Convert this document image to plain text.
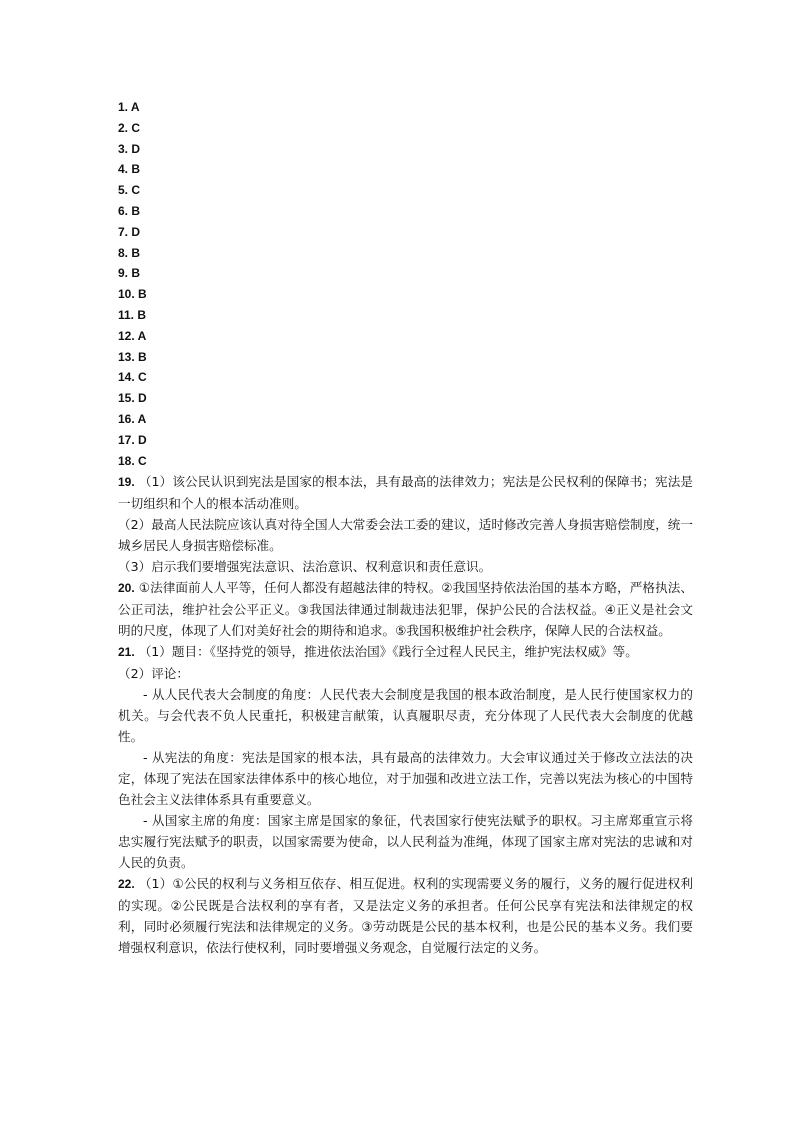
1. A
2. C
3. D
4. B
5. C
6. B
7. D
8. B
9. B
10. B
11. B
12. A
13. B
14. C
15. D
16. A
17. D
18. C

19. （1）该公民认识到宪法是国家的根本法，具有最高的法律效力；宪法是公民权利的保障书；宪法是一切组织和个人的根本活动准则。

（2）最高人民法院应该认真对待全国人大常委会法工委的建议，适时修改完善人身损害赔偿制度，统一城乡居民人身损害赔偿标准。

（3）启示我们要增强宪法意识、法治意识、权利意识和责任意识。

20. ①法律面前人人平等，任何人都没有超越法律的特权。②我国坚持依法治国的基本方略，严格执法、公正司法，维护社会公平正义。③我国法律通过制裁违法犯罪，保护公民的合法权益。④正义是社会文明的尺度，体现了人们对美好社会的期待和追求。⑤我国积极维护社会秩序，保障人民的合法权益。

21. （1）题目：《坚持党的领导，推进依法治国》《践行全过程人民民主，维护宪法权威》等。

（2）评论：

- 从人民代表大会制度的角度：人民代表大会制度是我国的根本政治制度，是人民行使国家权力的机关。与会代表不负人民重托，积极建言献策，认真履职尽责，充分体现了人民代表大会制度的优越性。

- 从宪法的角度：宪法是国家的根本法，具有最高的法律效力。大会审议通过关于修改立法法的决定，体现了宪法在国家法律体系中的核心地位，对于加强和改进立法工作，完善以宪法为核心的中国特色社会主义法律体系具有重要意义。

- 从国家主席的角度：国家主席是国家的象征，代表国家行使宪法赋予的职权。习主席郑重宣示将忠实履行宪法赋予的职责，以国家需要为使命，以人民利益为准绳，体现了国家主席对宪法的忠诚和对人民的负责。

22. （1）①公民的权利与义务相互依存、相互促进。权利的实现需要义务的履行，义务的履行促进权利的实现。②公民既是合法权利的享有者，又是法定义务的承担者。任何公民享有宪法和法律规定的权利，同时必须履行宪法和法律规定的义务。③劳动既是公民的基本权利，也是公民的基本义务。我们要增强权利意识，依法行使权利，同时要增强义务观念，自觉履行法定的义务。
